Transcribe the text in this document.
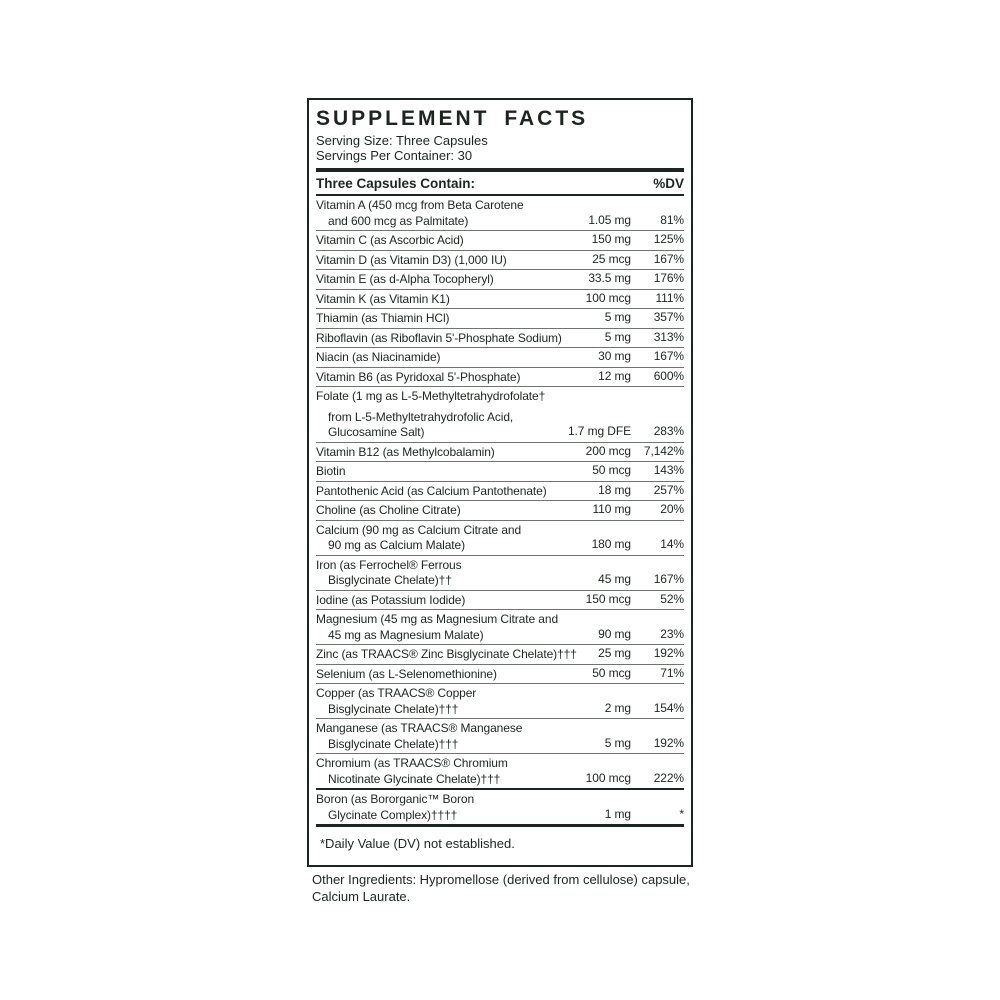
SUPPLEMENT FACTS
Serving Size: Three Capsules
Servings Per Container: 30
Three Capsules Contain:	%DV
Vitamin A (450 mcg from Beta Carotene
and 600 mcg as Palmitate)	1.05 mg 81%
Vitamin C (as Ascorbic Acid)	150 mg 125%
Vitamin D (as Vitamin D3) (1,000 IU)	25 mcg 167%
Vitamin E (as d-Alpha Tocopheryl)	33.5 mg 176%
Vitamin K (as Vitamin K1)	100 mcg 111%
Thiamin (as Thiamin HCl)	5 mg 357%
Riboflavin (as Riboflavin 5'-Phosphate Sodium)	5 mg 313%
Niacin (as Niacinamide)	30 mg 167%
Vitamin B6 (as Pyridoxal 5'-Phosphate)	12 mg 600%
Folate (1 mg as L-5-Methyltetrahydrofolate†
from L-5-Methyltetrahydrofolic Acid,
Glucosamine Salt)	1.7 mg DFE 283%
Vitamin B12 (as Methylcobalamin)	200 mcg 7,142%
Biotin	50 mcg 143%
Pantothenic Acid (as Calcium Pantothenate)	18 mg 257%
Choline (as Choline Citrate)	110 mg 20%
Calcium (90 mg as Calcium Citrate and
90 mg as Calcium Malate)	180 mg 14%
Iron (as Ferrochel® Ferrous
Bisglycinate Chelate)††	45 mg 167%
Iodine (as Potassium Iodide)	150 mcg 52%
Magnesium (45 mg as Magnesium Citrate and
45 mg as Magnesium Malate)	90 mg 23%
Zinc (as TRAACS® Zinc Bisglycinate Chelate)†††	25 mg 192%
Selenium (as L-Selenomethionine)	50 mcg 71%
Copper (as TRAACS® Copper
Bisglycinate Chelate)†††	2 mg 154%
Manganese (as TRAACS® Manganese
Bisglycinate Chelate)†††	5 mg 192%
Chromium (as TRAACS® Chromium
Nicotinate Glycinate Chelate)†††	100 mcg 222%
Boron (as Bororganic™ Boron
Glycinate Complex)††††	1 mg	*
*Daily Value (DV) not established.
Other Ingredients: Hypromellose (derived from cellulose) capsule, Calcium Laurate.
